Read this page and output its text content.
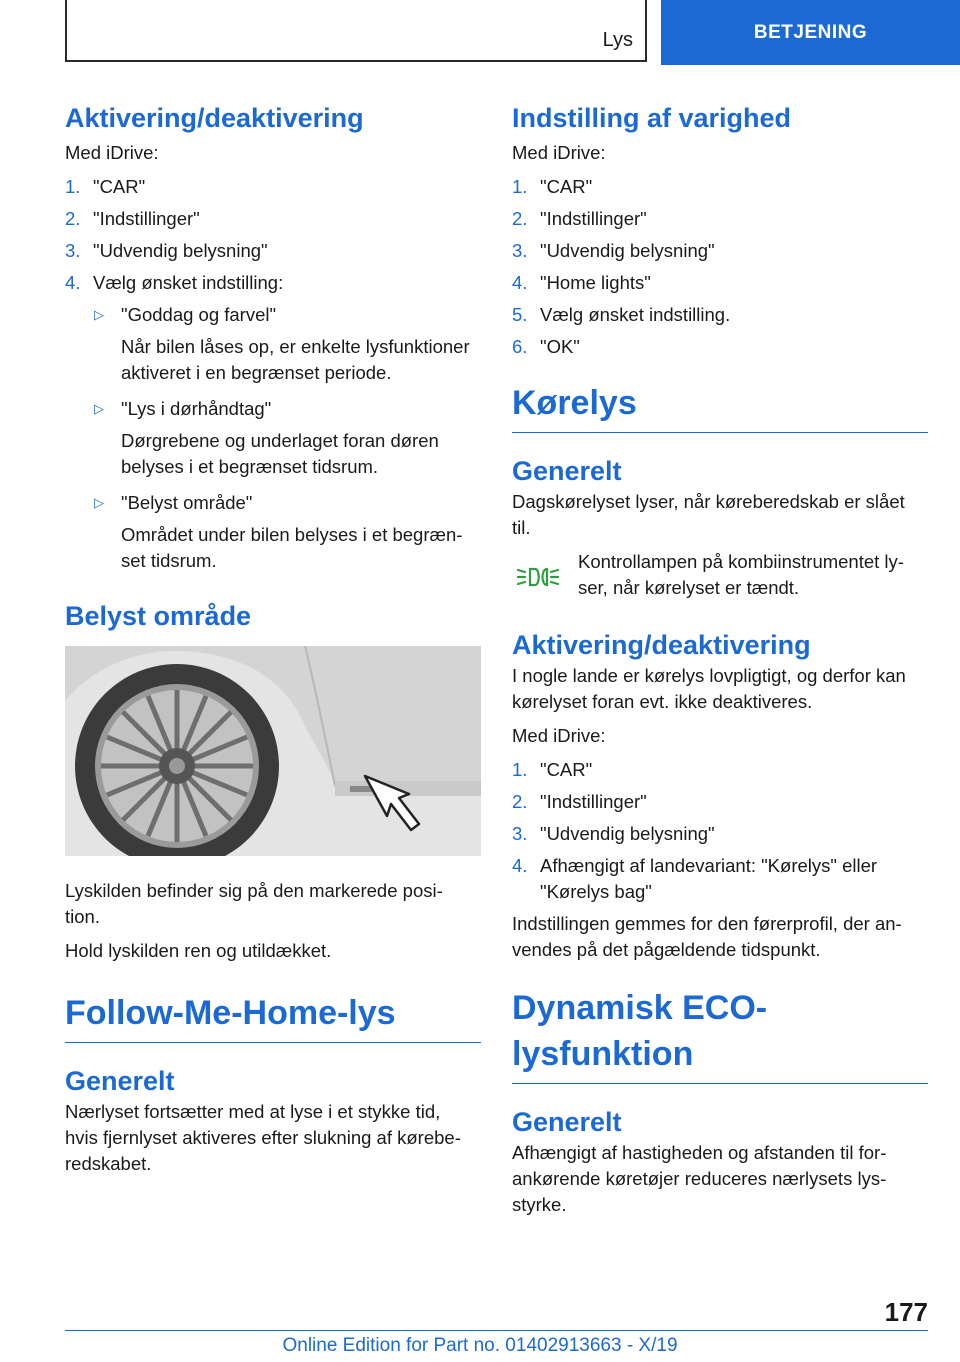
Lys	BETJENING
Aktivering/deaktivering

Med iDrive:

1. "CAR"
2. "Indstillinger"
3. "Udvendig belysning"
4. Vælg ønsket indstilling:
▷ "Goddag og farvel"
Når bilen låses op, er enkelte lysfunktioner
aktiveret i en begrænset periode.
▷ "Lys i dørhåndtag"
Dørgrebene og underlaget foran døren
belyses i et begrænset tidsrum.
▷ "Belyst område"
Området under bilen belyses i et begræn-
set tidsrum.
Belyst område

Lyskilden befinder sig på den markerede posi-
tion.

Hold lyskilden ren og utildækket.

Follow-Me-Home-lys
Generelt

Nærlyset fortsætter med at lyse i et stykke tid,
hvis fjernlyset aktiveres efter slukning af kørebe-
redskabet.

Indstilling af varighed

Med iDrive:

1. "CAR"
2. "Indstillinger"
3. "Udvendig belysning"
4. "Home lights"
5. Vælg ønsket indstilling.
6. "OK"
Kørelys
Generelt

Dagskørelyset lyser, når køreberedskab er slået
til.

Kontrollampen på kombiinstrumentet ly-
ser, når kørelyset er tændt.
Aktivering/deaktivering

I nogle lande er kørelys lovpligtigt, og derfor kan
kørelyset foran evt. ikke deaktiveres.

Med iDrive:

1. "CAR"
2. "Indstillinger"
3. "Udvendig belysning"
4. Afhængigt af landevariant: "Kørelys" eller
"Kørelys bag"

Indstillingen gemmes for den førerprofil, der an-
vendes på det pågældende tidspunkt.

Dynamisk ECO-lysfunktion
Generelt

Afhængigt af hastigheden og afstanden til for-
ankørende køretøjer reduceres nærlysets lys-
styrke.

177
Online Edition for Part no. 01402913663 - X/19
